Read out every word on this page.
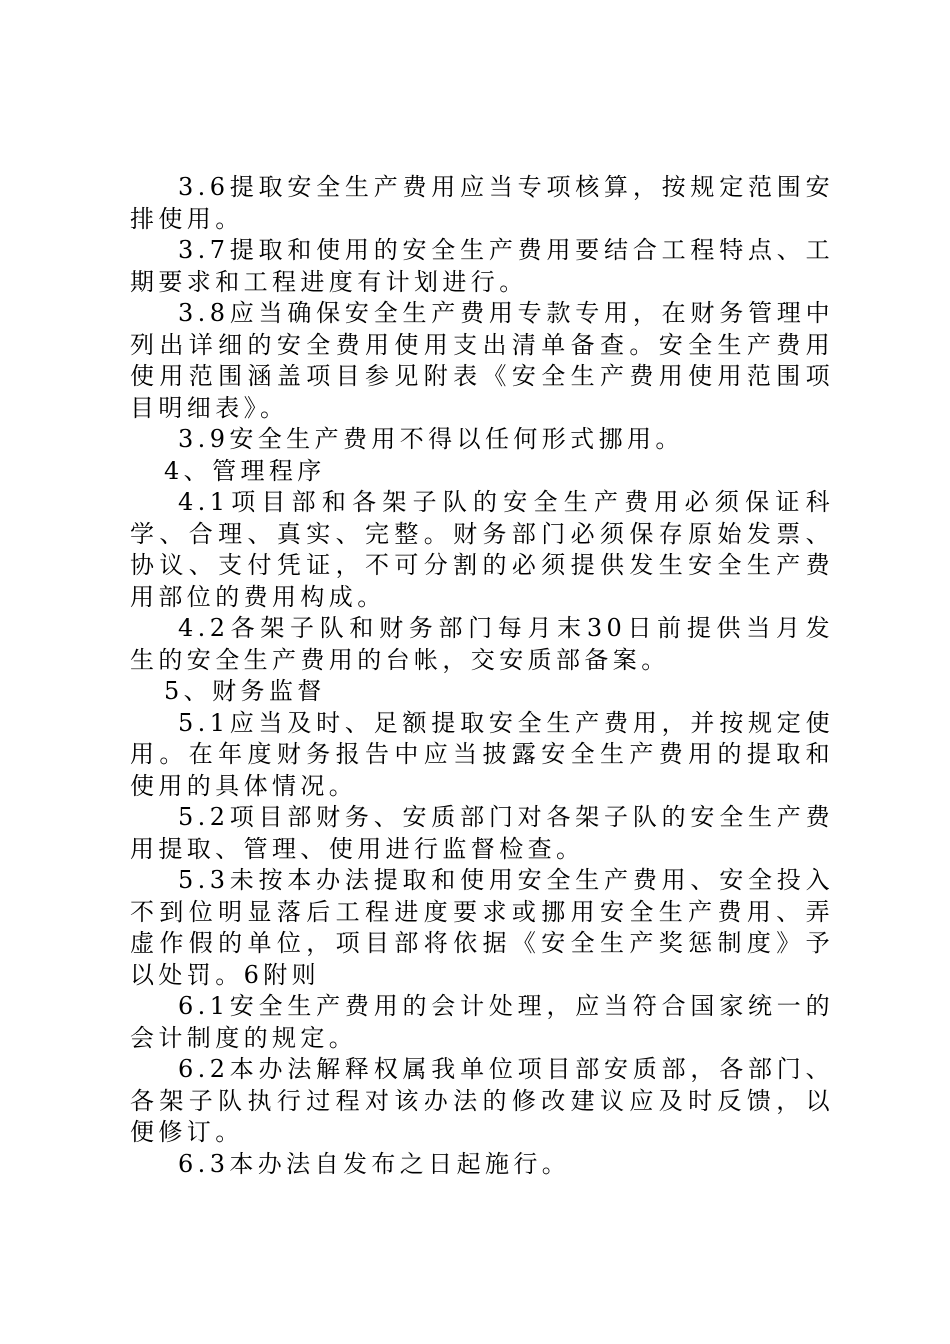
3.6提取安全生产费用应当专项核算，按规定范围安排使用。

3.7提取和使用的安全生产费用要结合工程特点、工期要求和工程进度有计划进行。

3.8应当确保安全生产费用专款专用，在财务管理中列出详细的安全费用使用支出清单备查。安全生产费用使用范围涵盖项目参见附表《安全生产费用使用范围项目明细表》。

3.9安全生产费用不得以任何形式挪用。

4、管理程序

4.1项目部和各架子队的安全生产费用必须保证科学、合理、真实、完整。财务部门必须保存原始发票、协议、支付凭证，不可分割的必须提供发生安全生产费用部位的费用构成。

4.2各架子队和财务部门每月末30日前提供当月发生的安全生产费用的台帐，交安质部备案。

5、财务监督

5.1应当及时、足额提取安全生产费用，并按规定使用。在年度财务报告中应当披露安全生产费用的提取和使用的具体情况。

5.2项目部财务、安质部门对各架子队的安全生产费用提取、管理、使用进行监督检查。

5.3未按本办法提取和使用安全生产费用、安全投入不到位明显落后工程进度要求或挪用安全生产费用、弄虚作假的单位，项目部将依据《安全生产奖惩制度》予以处罚。6附则

6.1安全生产费用的会计处理，应当符合国家统一的会计制度的规定。

6.2本办法解释权属我单位项目部安质部，各部门、各架子队执行过程对该办法的修改建议应及时反馈，以便修订。

6.3本办法自发布之日起施行。
